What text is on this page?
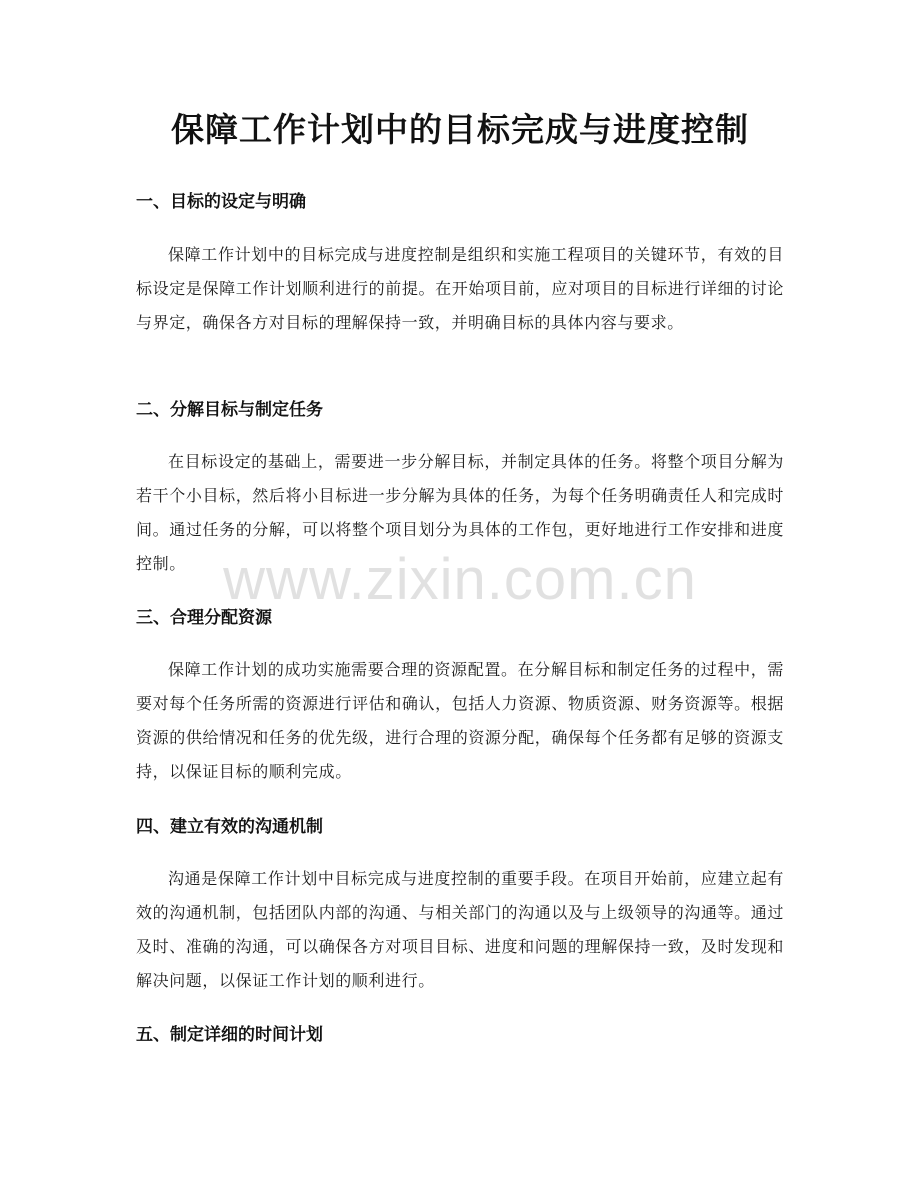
保障工作计划中的目标完成与进度控制
一、目标的设定与明确

保障工作计划中的目标完成与进度控制是组织和实施工程项目的关键环节，有效的目标设定是保障工作计划顺利进行的前提。在开始项目前，应对项目的目标进行详细的讨论与界定，确保各方对目标的理解保持一致，并明确目标的具体内容与要求。

二、分解目标与制定任务

在目标设定的基础上，需要进一步分解目标，并制定具体的任务。将整个项目分解为若干个小目标，然后将小目标进一步分解为具体的任务，为每个任务明确责任人和完成时间。通过任务的分解，可以将整个项目划分为具体的工作包，更好地进行工作安排和进度控制。

三、合理分配资源

保障工作计划的成功实施需要合理的资源配置。在分解目标和制定任务的过程中，需要对每个任务所需的资源进行评估和确认，包括人力资源、物质资源、财务资源等。根据资源的供给情况和任务的优先级，进行合理的资源分配，确保每个任务都有足够的资源支持，以保证目标的顺利完成。

四、建立有效的沟通机制

沟通是保障工作计划中目标完成与进度控制的重要手段。在项目开始前，应建立起有效的沟通机制，包括团队内部的沟通、与相关部门的沟通以及与上级领导的沟通等。通过及时、准确的沟通，可以确保各方对项目目标、进度和问题的理解保持一致，及时发现和解决问题，以保证工作计划的顺利进行。

五、制定详细的时间计划
www.zixin.com.cn
